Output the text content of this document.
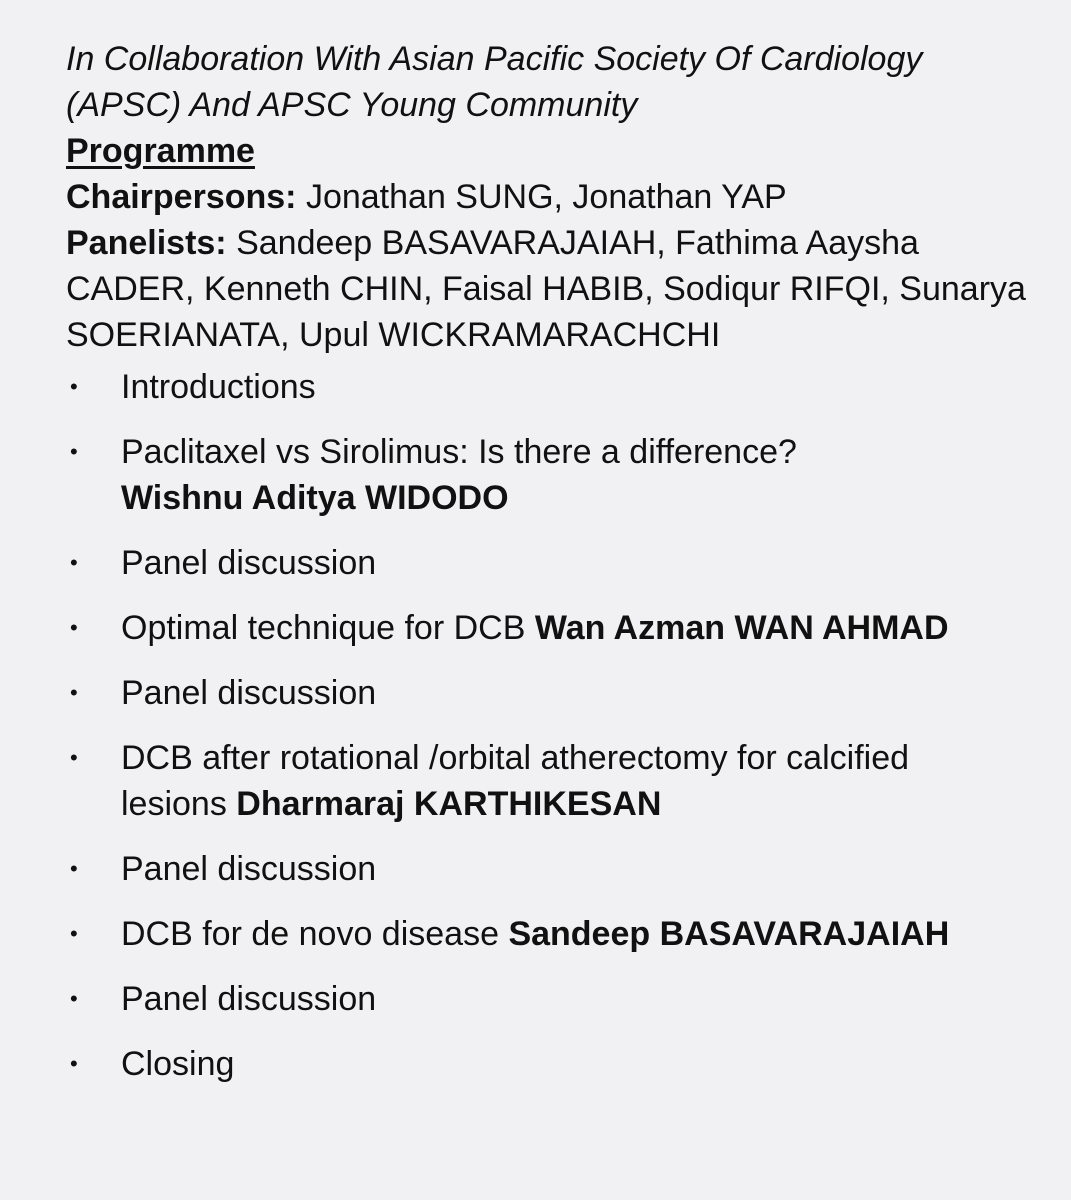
In Collaboration With Asian Pacific Society Of Cardiology (APSC) And APSC Young Community

Programme

Chairpersons: Jonathan SUNG, Jonathan YAP

Panelists: Sandeep BASAVARAJAIAH, Fathima Aaysha CADER, Kenneth CHIN, Faisal HABIB, Sodiqur RIFQI, Sunarya SOERIANATA, Upul WICKRAMARACHCHI

• Introductions
• Paclitaxel vs Sirolimus: Is there a difference?
Wishnu Aditya WIDODO
• Panel discussion
• Optimal technique for DCB Wan Azman WAN AHMAD
• Panel discussion
• DCB after rotational /orbital atherectomy for calcified lesions Dharmaraj KARTHIKESAN
• Panel discussion
• DCB for de novo disease Sandeep BASAVARAJAIAH
• Panel discussion
• Closing
